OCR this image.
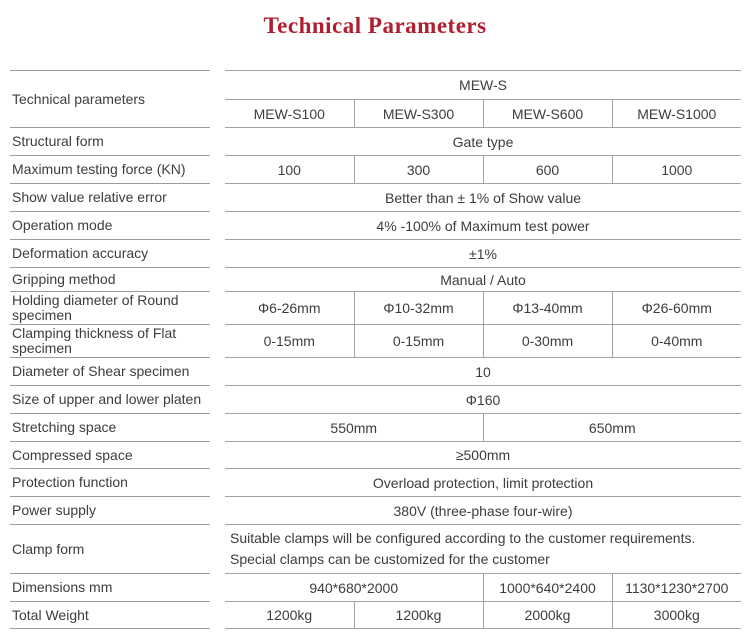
Technical Parameters
Technical parameters		MEW-S			
		MEW-S100	MEW-S300	MEW-S600	MEW-S1000
Structural form		Gate type			
Maximum testing force (KN)		100	300	600	1000
Show value relative error		Better than ± 1% of Show value			
Operation mode		4% -100% of Maximum test power			
Deformation accuracy		±1%			
Gripping method		Manual / Auto			
Holding diameter of Round specimen		Φ6-26mm	Φ10-32mm	Φ13-40mm	Φ26-60mm
Clamping thickness of Flat specimen		0-15mm	0-15mm	0-30mm	0-40mm
Diameter of Shear specimen		10			
Size of upper and lower platen		Φ160			
Stretching space		550mm		650mm	
Compressed space		≥500mm			
Protection function		Overload protection, limit protection			
Power supply		380V (three-phase four-wire)			
Clamp form		Suitable clamps will be configured according to the customer requirements.
Special clamps can be customized for the customer			

Dimensions mm		940*680*2000		1000*640*2400	1130*1230*2700
Total Weight		1200kg	1200kg	2000kg	3000kg
